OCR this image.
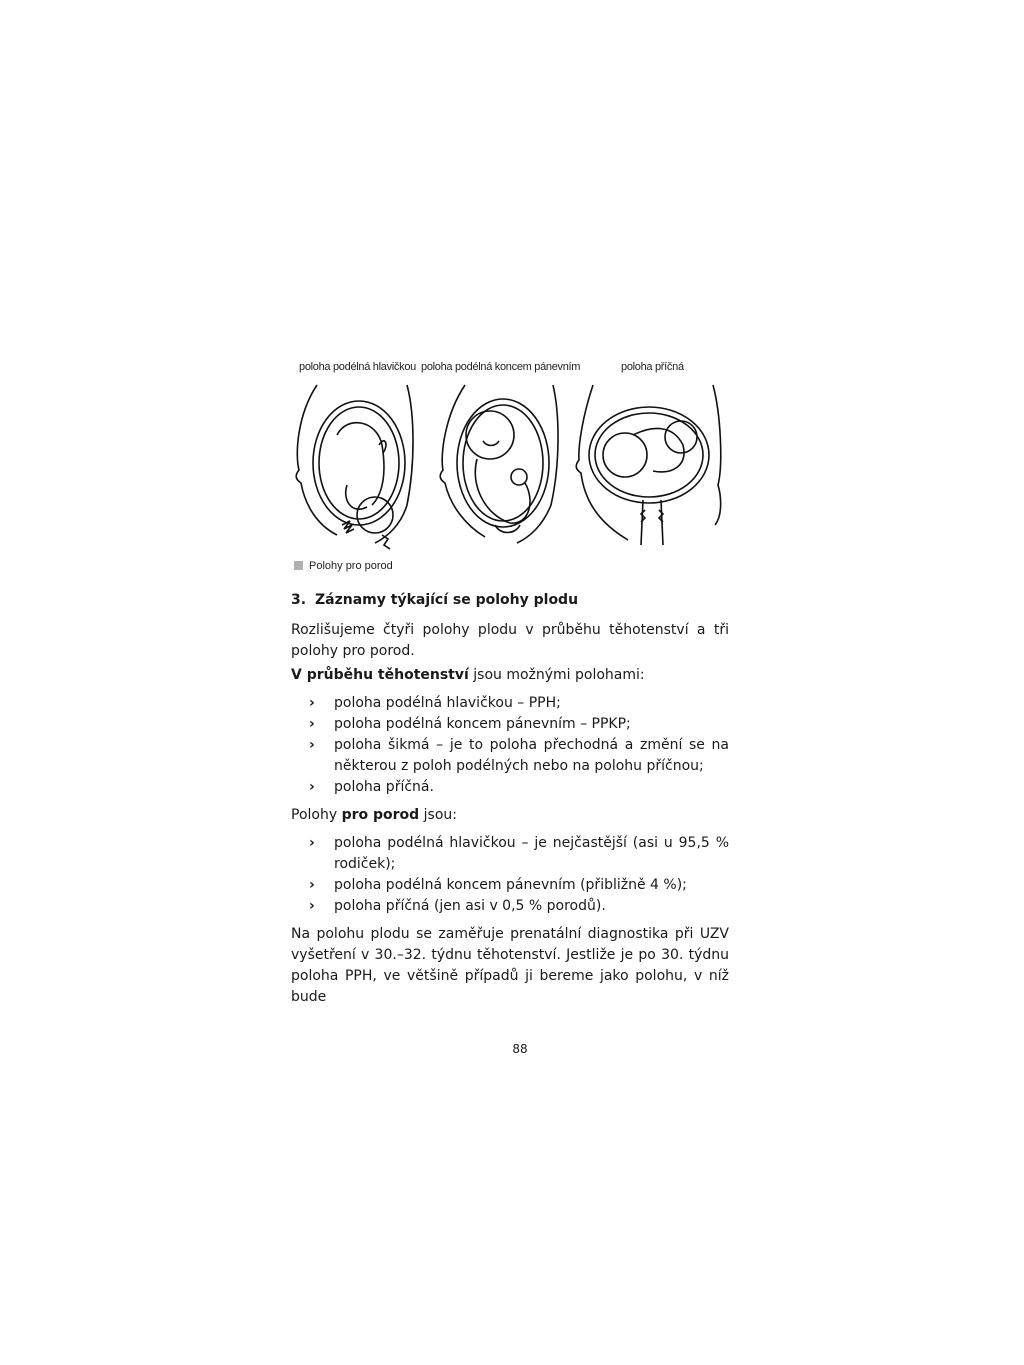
poloha podélná hlavičkou poloha podélná koncem pánevním	poloha příčná
Polohy pro porod
3. Záznamy týkající se polohy plodu
Rozlišujeme čtyři polohy plodu v průběhu těhotenství a tři polohy pro porod.
V průběhu těhotenství jsou možnými polohami:
›	poloha podélná hlavičkou – PPH;
›	poloha podélná koncem pánevním – PPKP;
›	poloha šikmá – je to poloha přechodná a změní se na některou z poloh podélných nebo na polohu příčnou;
›	poloha příčná.
Polohy pro porod jsou:
›	poloha podélná hlavičkou – je nejčastější (asi u 95,5 % rodiček);
›	poloha podélná koncem pánevním (přibližně 4 %);
›	poloha příčná (jen asi v 0,5 % porodů).
Na polohu plodu se zaměřuje prenatální diagnostika při UZV vyšetření v 30.–32. týdnu těhotenství. Jestliže je po 30. týdnu poloha PPH, ve většině případů ji bereme jako polohu, v níž bude
88
